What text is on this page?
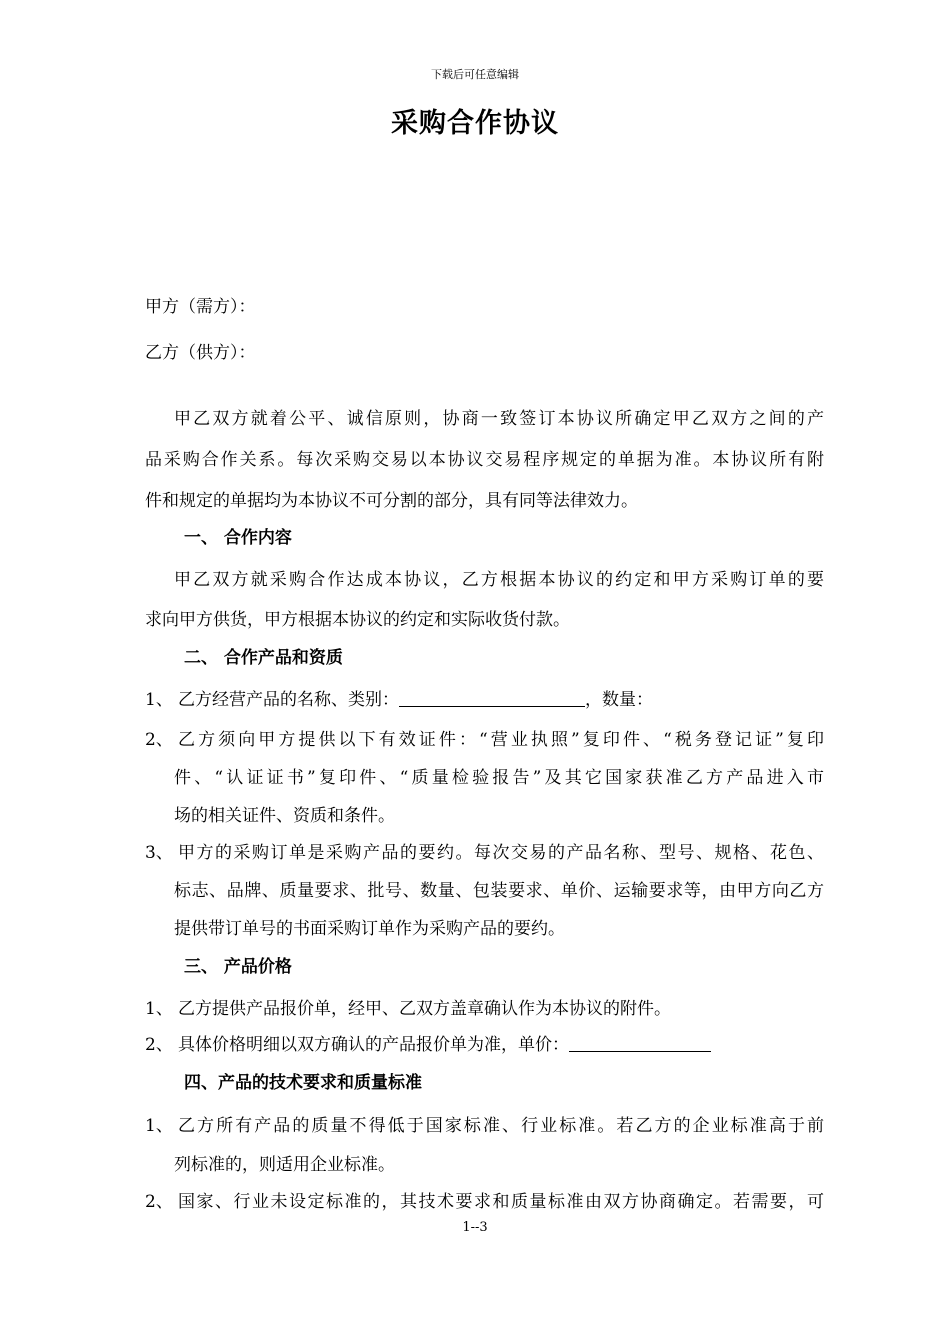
下载后可任意编辑
采购合作协议
甲方（需方）：
乙方（供方）：
甲乙双方就着公平、诚信原则，协商一致签订本协议所确定甲乙双方之间的产
品采购合作关系。每次采购交易以本协议交易程序规定的单据为准。本协议所有附
件和规定的单据均为本协议不可分割的部分，具有同等法律效力。
一、 合作内容
甲乙双方就采购合作达成本协议，乙方根据本协议的约定和甲方采购订单的要
求向甲方供货，甲方根据本协议的约定和实际收货付款。
二、 合作产品和资质
1、 乙方经营产品的名称、类别：	，数量：
2、 乙方须向甲方提供以下有效证件：“营业执照”复印件、“税务登记证”复印
件、“认证证书”复印件、“质量检验报告”及其它国家获准乙方产品进入市
场的相关证件、资质和条件。
3、 甲方的采购订单是采购产品的要约。每次交易的产品名称、型号、规格、花色、
标志、品牌、质量要求、批号、数量、包装要求、单价、运输要求等，由甲方向乙方
提供带订单号的书面采购订单作为采购产品的要约。
三、 产品价格
1、 乙方提供产品报价单，经甲、乙双方盖章确认作为本协议的附件。
2、 具体价格明细以双方确认的产品报价单为准，单价：
四、产品的技术要求和质量标准
1、 乙方所有产品的质量不得低于国家标准、行业标准。若乙方的企业标准高于前
列标准的，则适用企业标准。
2、 国家、行业未设定标准的，其技术要求和质量标准由双方协商确定。若需要，可
1--3
